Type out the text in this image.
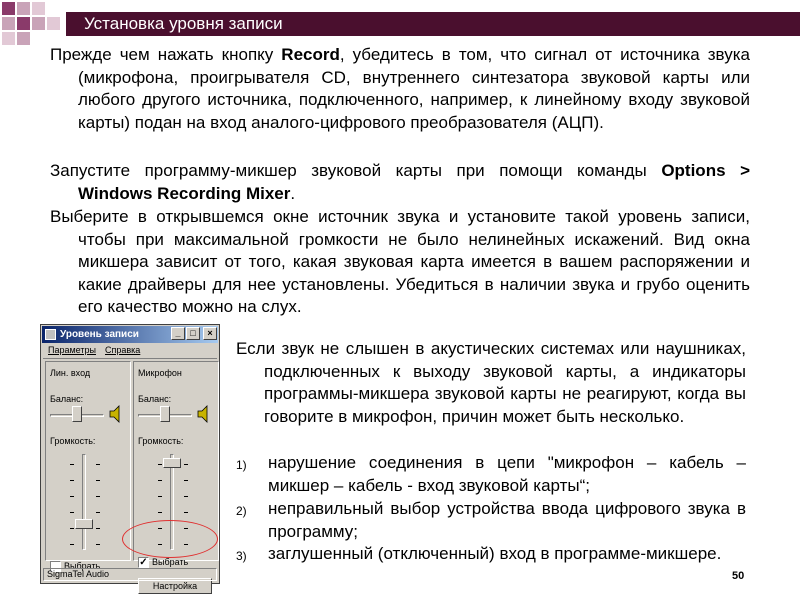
Установка уровня записи
Прежде чем нажать кнопку Record, убедитесь в том, что сигнал от источника звука (микрофона, проигрывателя CD, внутреннего синтезатора звуковой карты или любого другого источника, подключенного, например, к линейному входу звуковой карты) подан на вход аналого-цифрового преобразователя (АЦП).
Запустите программу-микшер звуковой карты при помощи команды Options > Windows Recording Mixer.
Выберите в открывшемся окне источник звука и установите такой уровень записи, чтобы при максимальной громкости не было нелинейных искажений. Вид окна микшера зависит от того, какая звуковая карта имеется в вашем распоряжении и какие драйверы для нее установлены. Убедиться в наличии звука и грубо оценить его качество можно на слух.
Уровень записи	_	□	×
Параметры Справка
Лин. вход
Баланс:
Громкость:
Выбрать
Микрофон
Баланс:
Громкость:
✓ Выбрать
Настройка
SigmaTel Audio
Если звук не слышен в акустических системах или наушниках, подключенных к выходу звуковой карты, а индикаторы программы-микшера звуковой карты не реагируют, когда вы говорите в микрофон, причин может быть несколько.
1) нарушение соединения в цепи "микрофон – кабель – микшер – кабель - вход звуковой карты“;
2) неправильный выбор устройства ввода цифрового звука в программу;
3) заглушенный (отключенный) вход в программе-микшере.
50
